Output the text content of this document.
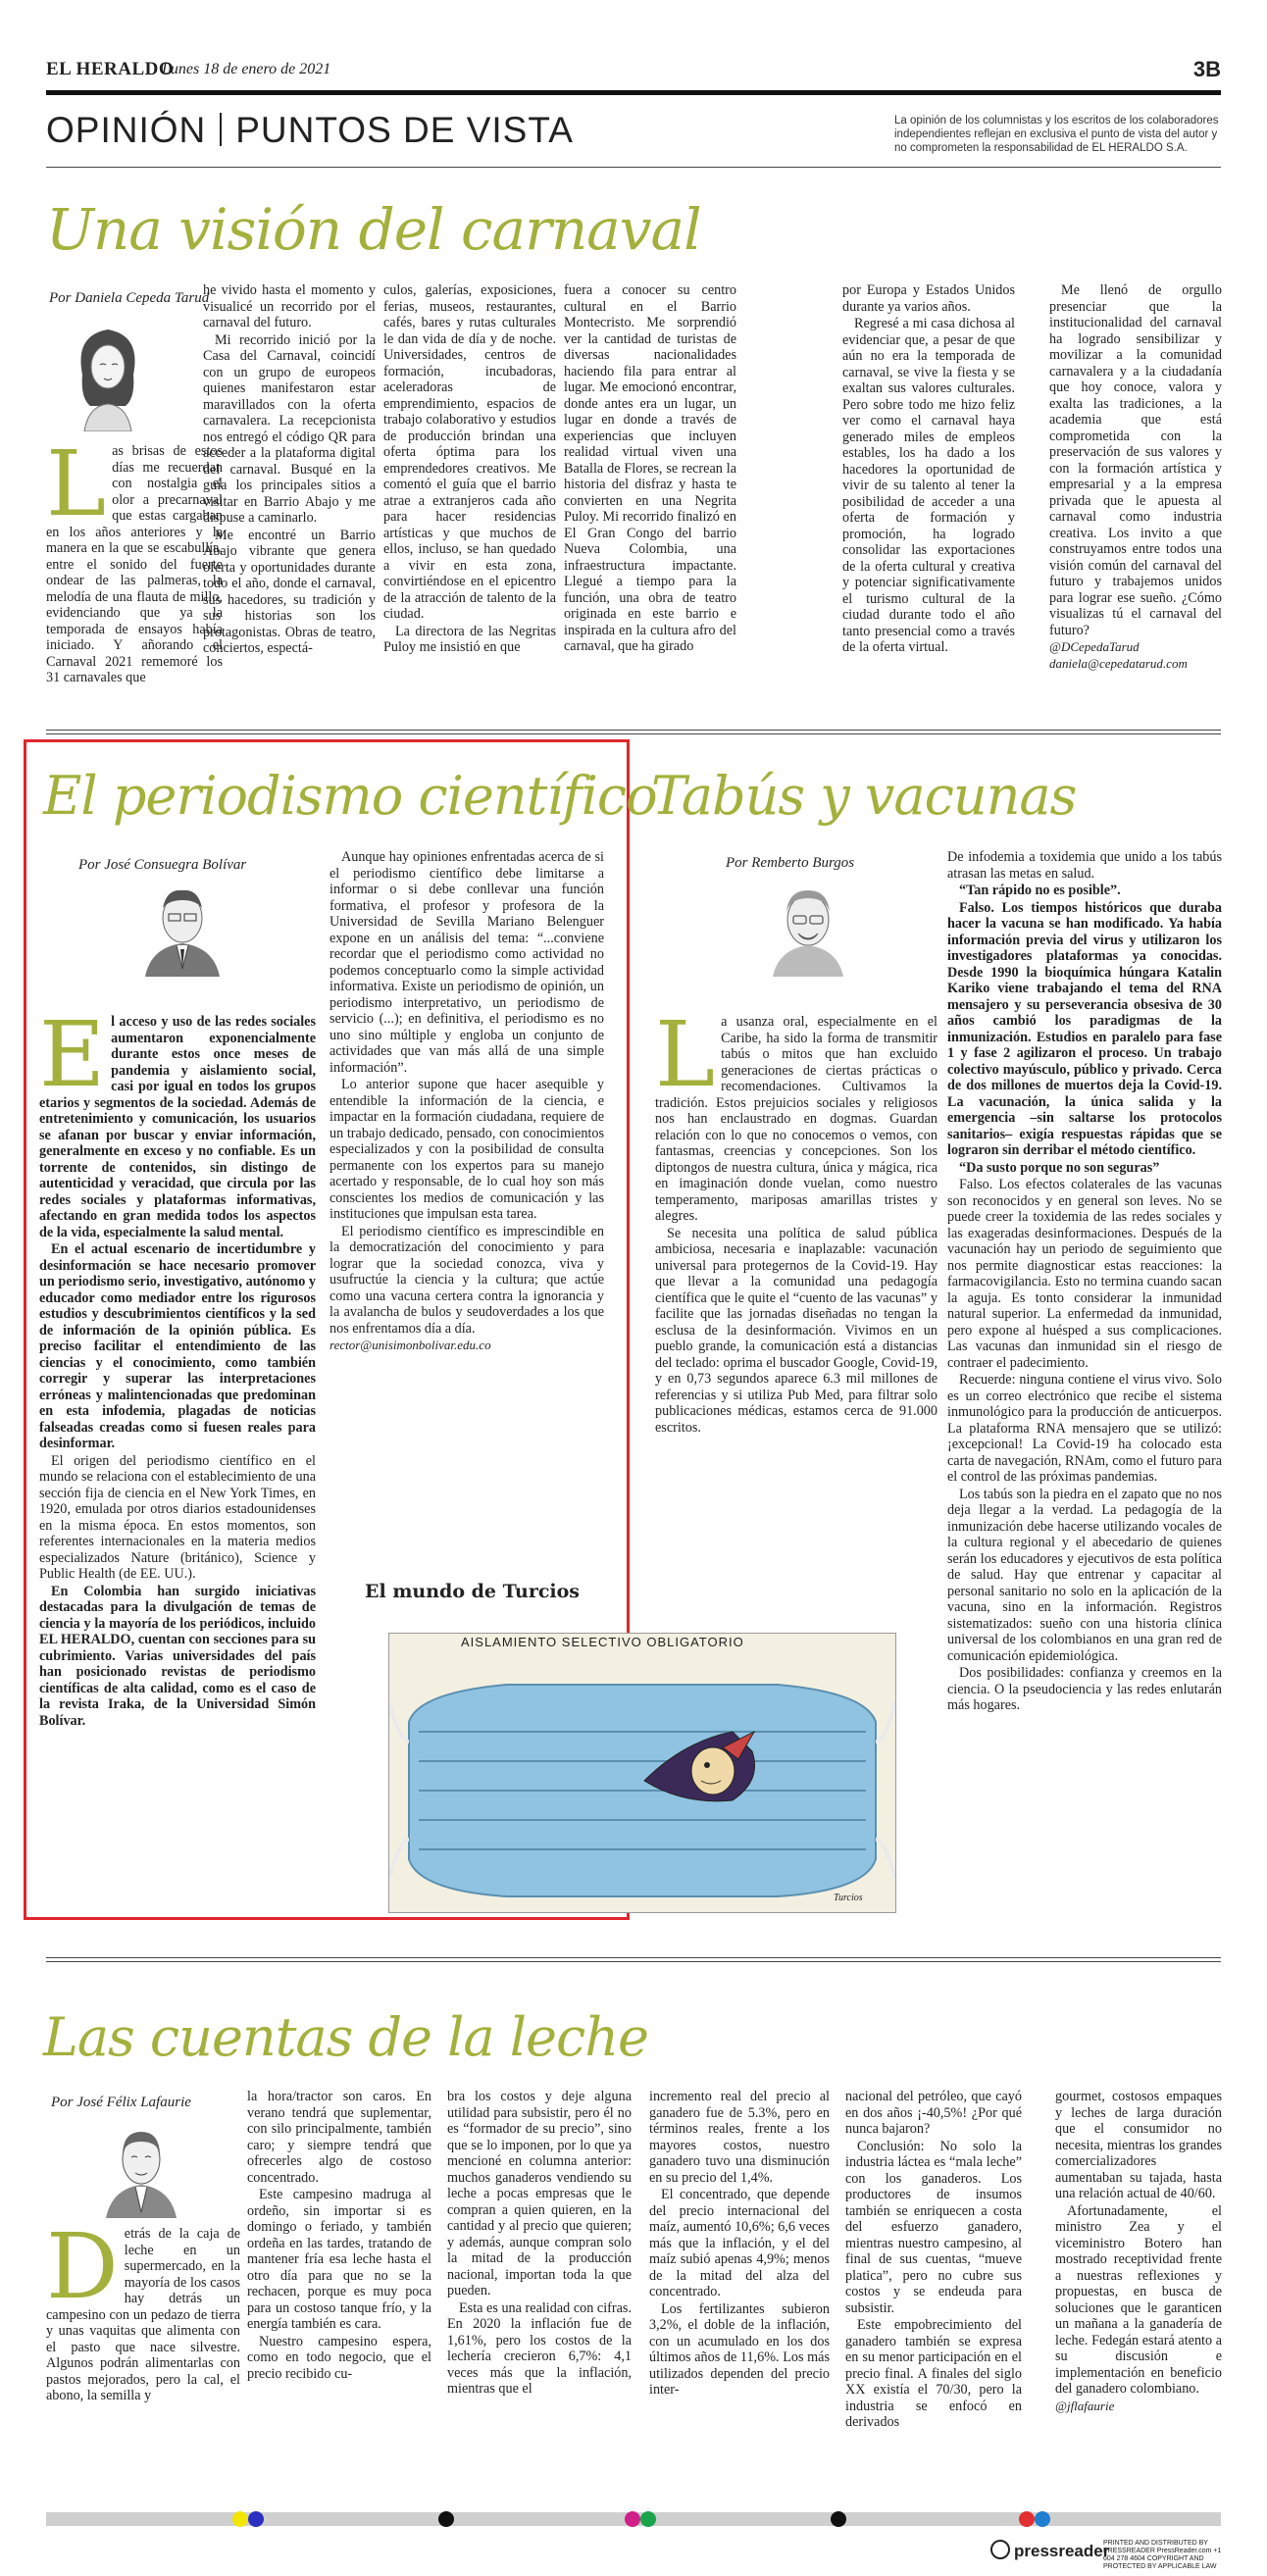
EL HERALDO
Lunes 18 de enero de 2021	3B
OPINIÓN PUNTOS DE VISTA	La opinión de los columnistas y los escritos de los colaboradores independientes reflejan en exclusiva el punto de vista del autor y no comprometen la responsabilidad de EL HERALDO S.A.
Una visión del carnaval
Por Daniela Cepeda Tarud
L as brisas de estos días me recuerdan con nostalgia el olor a precarnaval que estas cargaban en los años anteriores y la manera en la que se escabullía, entre el sonido del fuerte ondear de las palmeras, la melodía de una flauta de millo, evidenciando que ya la temporada de ensayos había iniciado. Y añorando el Carnaval 2021 rememoré los 31 carnavales que

he vivido hasta el momento y visualicé un recorrido por el carnaval del futuro.

Mi recorrido inició por la Casa del Carnaval, coincidí con un grupo de europeos quienes manifestaron estar maravillados con la oferta carnavalera. La recepcionista nos entregó el código QR para acceder a la plataforma digital del carnaval. Busqué en la guía los principales sitios a visitar en Barrio Abajo y me dispuse a caminarlo.

Me encontré un Barrio Abajo vibrante que genera oferta y oportunidades durante todo el año, donde el carnaval, sus hacedores, su tradición y sus historias son los protagonistas. Obras de teatro, conciertos, espectá-

culos, galerías, exposiciones, ferias, museos, restaurantes, cafés, bares y rutas culturales le dan vida de día y de noche. Universidades, centros de formación, incubadoras, aceleradoras de emprendimiento, espacios de trabajo colaborativo y estudios de producción brindan una oferta óptima para los emprendedores creativos. Me comentó el guía que el barrio atrae a extranjeros cada año para hacer residencias artísticas y que muchos de ellos, incluso, se han quedado a vivir en esta zona, convirtiéndose en el epicentro de la atracción de talento de la ciudad.

La directora de las Negritas Puloy me insistió en que

fuera a conocer su centro cultural en el Barrio Montecristo. Me sorprendió ver la cantidad de turistas de diversas nacionalidades haciendo fila para entrar al lugar. Me emocionó encontrar, donde antes era un lugar, un lugar en donde a través de experiencias que incluyen realidad virtual viven una Batalla de Flores, se recrean la historia del disfraz y hasta te convierten en una Negrita Puloy. Mi recorrido finalizó en El Gran Congo del barrio Nueva Colombia, una infraestructura impactante. Llegué a tiempo para la función, una obra de teatro originada en este barrio e inspirada en la cultura afro del carnaval, que ha girado

por Europa y Estados Unidos durante ya varios años.

Regresé a mi casa dichosa al evidenciar que, a pesar de que aún no era la temporada de carnaval, se vive la fiesta y se exaltan sus valores culturales. Pero sobre todo me hizo feliz ver como el carnaval haya generado miles de empleos estables, los ha dado a los hacedores la oportunidad de vivir de su talento al tener la posibilidad de acceder a una oferta de formación y promoción, ha logrado consolidar las exportaciones de la oferta cultural y creativa y potenciar significativamente el turismo cultural de la ciudad durante todo el año tanto presencial como a través de la oferta virtual.

Me llenó de orgullo presenciar que la institucionalidad del carnaval ha logrado sensibilizar y movilizar a la comunidad carnavalera y a la ciudadanía que hoy conoce, valora y exalta las tradiciones, a la academia que está comprometida con la preservación de sus valores y con la formación artística y empresarial y a la empresa privada que le apuesta al carnaval como industria creativa. Los invito a que construyamos entre todos una visión común del carnaval del futuro y trabajemos unidos para lograr ese sueño. ¿Cómo visualizas tú el carnaval del futuro?

@DCepedaTarud
daniela@cepedatarud.com
El periodismo científico
Por José Consuegra Bolívar
E l acceso y uso de las redes sociales aumentaron exponencialmente durante estos once meses de pandemia y aislamiento social, casi por igual en todos los grupos etarios y segmentos de la sociedad. Además de entretenimiento y comunicación, los usuarios se afanan por buscar y enviar información, generalmente en exceso y no confiable. Es un torrente de contenidos, sin distingo de autenticidad y veracidad, que circula por las redes sociales y plataformas informativas, afectando en gran medida todos los aspectos de la vida, especialmente la salud mental.

En el actual escenario de incertidumbre y desinformación se hace necesario promover un periodismo serio, investigativo, autónomo y educador como mediador entre los rigurosos estudios y descubrimientos científicos y la sed de información de la opinión pública. Es preciso facilitar el entendimiento de las ciencias y el conocimiento, como también corregir y superar las interpretaciones erróneas y malintencionadas que predominan en esta infodemia, plagadas de noticias falseadas creadas como si fuesen reales para desinformar.

El origen del periodismo científico en el mundo se relaciona con el establecimiento de una sección fija de ciencia en el New York Times, en 1920, emulada por otros diarios estadounidenses en la misma época. En estos momentos, son referentes internacionales en la materia medios especializados Nature (británico), Science y Public Health (de EE. UU.).

En Colombia han surgido iniciativas destacadas para la divulgación de temas de ciencia y la mayoría de los periódicos, incluido EL HERALDO, cuentan con secciones para su cubrimiento. Varias universidades del país han posicionado revistas de periodismo científicas de alta calidad, como es el caso de la revista Iraka, de la Universidad Simón Bolívar.

Aunque hay opiniones enfrentadas acerca de si el periodismo científico debe limitarse a informar o si debe conllevar una función formativa, el profesor y profesora de la Universidad de Sevilla Mariano Belenguer expone en un análisis del tema: “...conviene recordar que el periodismo como actividad no podemos conceptuarlo como la simple actividad informativa. Existe un periodismo de opinión, un periodismo interpretativo, un periodismo de servicio (...); en definitiva, el periodismo es no uno sino múltiple y engloba un conjunto de actividades que van más allá de una simple información”.

Lo anterior supone que hacer asequible y entendible la información de la ciencia, e impactar en la formación ciudadana, requiere de un trabajo dedicado, pensado, con conocimientos especializados y con la posibilidad de consulta permanente con los expertos para su manejo acertado y responsable, de lo cual hoy son más conscientes los medios de comunicación y las instituciones que impulsan esta tarea.

El periodismo científico es imprescindible en la democratización del conocimiento y para lograr que la sociedad conozca, viva y usufructúe la ciencia y la cultura; que actúe como una vacuna certera contra la ignorancia y la avalancha de bulos y seudoverdades a los que nos enfrentamos día a día.

rector@unisimonbolivar.edu.co
El mundo de Turcios
AISLAMIENTO SELECTIVO OBLIGATORIO
Turcios
Tabús y vacunas
Por Remberto Burgos
L a usanza oral, especialmente en el Caribe, ha sido la forma de transmitir tabús o mitos que han excluido generaciones de ciertas prácticas o recomendaciones. Cultivamos la tradición. Estos prejuicios sociales y religiosos nos han enclaustrado en dogmas. Guardan relación con lo que no conocemos o vemos, con fantasmas, creencias y concepciones. Son los diptongos de nuestra cultura, única y mágica, rica en imaginación donde vuelan, como nuestro temperamento, mariposas amarillas tristes y alegres.

Se necesita una política de salud pública ambiciosa, necesaria e inaplazable: vacunación universal para protegernos de la Covid-19. Hay que llevar a la comunidad una pedagogía científica que le quite el “cuento de las vacunas” y facilite que las jornadas diseñadas no tengan la esclusa de la desinformación. Vivimos en un pueblo grande, la comunicación está a distancias del teclado: oprima el buscador Google, Covid-19, y en 0,73 segundos aparece 6.3 mil millones de referencias y si utiliza Pub Med, para filtrar solo publicaciones médicas, estamos cerca de 91.000 escritos.

De infodemia a toxidemia que unido a los tabús atrasan las metas en salud.

“Tan rápido no es posible”.

Falso. Los tiempos históricos que duraba hacer la vacuna se han modificado. Ya había información previa del virus y utilizaron los investigadores plataformas ya conocidas. Desde 1990 la bioquímica húngara Katalin Kariko viene trabajando el tema del RNA mensajero y su perseverancia obsesiva de 30 años cambió los paradigmas de la inmunización. Estudios en paralelo para fase 1 y fase 2 agilizaron el proceso. Un trabajo colectivo mayúsculo, público y privado. Cerca de dos millones de muertos deja la Covid-19. La vacunación, la única salida y la emergencia –sin saltarse los protocolos sanitarios– exigía respuestas rápidas que se lograron sin derribar el método científico.

“Da susto porque no son seguras”

Falso. Los efectos colaterales de las vacunas son reconocidos y en general son leves. No se puede creer la toxidemia de las redes sociales y las exageradas desinformaciones. Después de la vacunación hay un periodo de seguimiento que nos permite diagnosticar estas reacciones: la farmacovigilancia. Esto no termina cuando sacan la aguja. Es tonto considerar la inmunidad natural superior. La enfermedad da inmunidad, pero expone al huésped a sus complicaciones. Las vacunas dan inmunidad sin el riesgo de contraer el padecimiento.

Recuerde: ninguna contiene el virus vivo. Solo es un correo electrónico que recibe el sistema inmunológico para la producción de anticuerpos. La plataforma RNA mensajero que se utilizó: ¡excepcional! La Covid-19 ha colocado esta carta de navegación, RNAm, como el futuro para el control de las próximas pandemias.

Los tabús son la piedra en el zapato que no nos deja llegar a la verdad. La pedagogía de la inmunización debe hacerse utilizando vocales de la cultura regional y el abecedario de quienes serán los educadores y ejecutivos de esta política de salud. Hay que entrenar y capacitar al personal sanitario no solo en la aplicación de la vacuna, sino en la información. Registros sistematizados: sueño con una historia clínica universal de los colombianos en una gran red de comunicación epidemiológica.

Dos posibilidades: confianza y creemos en la ciencia. O la pseudociencia y las redes enlutarán más hogares.

Las cuentas de la leche
Por José Félix Lafaurie
D etrás de la caja de leche en un supermercado, en la mayoría de los casos hay detrás un campesino con un pedazo de tierra y unas vaquitas que alimenta con el pasto que nace silvestre. Algunos podrán alimentarlas con pastos mejorados, pero la cal, el abono, la semilla y

la hora/tractor son caros. En verano tendrá que suplementar, con silo principalmente, también caro; y siempre tendrá que ofrecerles algo de costoso concentrado.

Este campesino madruga al ordeño, sin importar si es domingo o feriado, y también ordeña en las tardes, tratando de mantener fría esa leche hasta el otro día para que no se la rechacen, porque es muy poca para un costoso tanque frío, y la energía también es cara.

Nuestro campesino espera, como en todo negocio, que el precio recibido cu-

bra los costos y deje alguna utilidad para subsistir, pero él no es “formador de su precio”, sino que se lo imponen, por lo que ya mencioné en columna anterior: muchos ganaderos vendiendo su leche a pocas empresas que le compran a quien quieren, en la cantidad y al precio que quieren; y además, aunque compran solo la mitad de la producción nacional, importan toda la que pueden.

Esta es una realidad con cifras. En 2020 la inflación fue de 1,61%, pero los costos de la lechería crecieron 6,7%: 4,1 veces más que la inflación, mientras que el

incremento real del precio al ganadero fue de 5.3%, pero en términos reales, frente a los mayores costos, nuestro ganadero tuvo una disminución en su precio del 1,4%.

El concentrado, que depende del precio internacional del maíz, aumentó 10,6%; 6,6 veces más que la inflación, y el del maíz subió apenas 4,9%; menos de la mitad del alza del concentrado.

Los fertilizantes subieron 3,2%, el doble de la inflación, con un acumulado en los dos últimos años de 11,6%. Los más utilizados dependen del precio inter-

nacional del petróleo, que cayó en dos años ¡-40,5%! ¿Por qué nunca bajaron?

Conclusión: No solo la industria láctea es “mala leche” con los ganaderos. Los productores de insumos también se enriquecen a costa del esfuerzo ganadero, mientras nuestro campesino, al final de sus cuentas, “mueve platica”, pero no cubre sus costos y se endeuda para subsistir.

Este empobrecimiento del ganadero también se expresa en su menor participación en el precio final. A finales del siglo XX existía el 70/30, pero la industria se enfocó en derivados

gourmet, costosos empaques y leches de larga duración que el consumidor no necesita, mientras los grandes comercializadores aumentaban su tajada, hasta una relación actual de 40/60.

Afortunadamente, el ministro Zea y el viceministro Botero han mostrado receptividad frente a nuestras reflexiones y propuestas, en busca de soluciones que le garanticen un mañana a la ganadería de leche. Fedegán estará atento a su discusión e implementación en beneficio del ganadero colombiano.

@jflafaurie
pressreader
PRINTED AND DISTRIBUTED BY PRESSREADER PressReader.com +1 604 278 4604 COPYRIGHT AND PROTECTED BY APPLICABLE LAW
